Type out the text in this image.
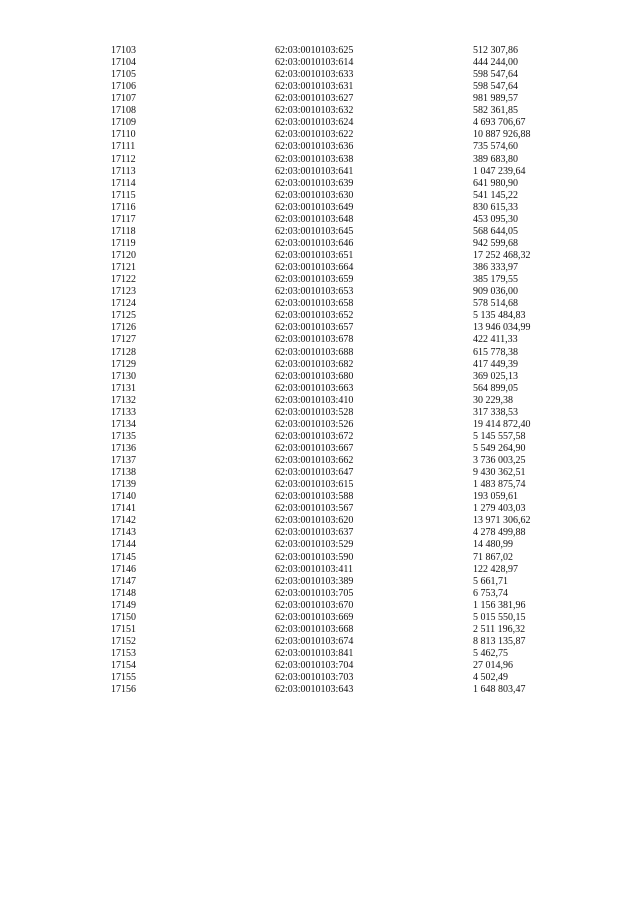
17103	62:03:0010103:625	512 307,86
17104	62:03:0010103:614	444 244,00
17105	62:03:0010103:633	598 547,64
17106	62:03:0010103:631	598 547,64
17107	62:03:0010103:627	981 989,57
17108	62:03:0010103:632	582 361,85
17109	62:03:0010103:624	4 693 706,67
17110	62:03:0010103:622	10 887 926,88
17111	62:03:0010103:636	735 574,60
17112	62:03:0010103:638	389 683,80
17113	62:03:0010103:641	1 047 239,64
17114	62:03:0010103:639	641 980,90
17115	62:03:0010103:630	541 145,22
17116	62:03:0010103:649	830 615,33
17117	62:03:0010103:648	453 095,30
17118	62:03:0010103:645	568 644,05
17119	62:03:0010103:646	942 599,68
17120	62:03:0010103:651	17 252 468,32
17121	62:03:0010103:664	386 333,97
17122	62:03:0010103:659	385 179,55
17123	62:03:0010103:653	909 036,00
17124	62:03:0010103:658	578 514,68
17125	62:03:0010103:652	5 135 484,83
17126	62:03:0010103:657	13 946 034,99
17127	62:03:0010103:678	422 411,33
17128	62:03:0010103:688	615 778,38
17129	62:03:0010103:682	417 449,39
17130	62:03:0010103:680	369 025,13
17131	62:03:0010103:663	564 899,05
17132	62:03:0010103:410	30 229,38
17133	62:03:0010103:528	317 338,53
17134	62:03:0010103:526	19 414 872,40
17135	62:03:0010103:672	5 145 557,58
17136	62:03:0010103:667	5 549 264,90
17137	62:03:0010103:662	3 736 003,25
17138	62:03:0010103:647	9 430 362,51
17139	62:03:0010103:615	1 483 875,74
17140	62:03:0010103:588	193 059,61
17141	62:03:0010103:567	1 279 403,03
17142	62:03:0010103:620	13 971 306,62
17143	62:03:0010103:637	4 278 499,88
17144	62:03:0010103:529	14 480,99
17145	62:03:0010103:590	71 867,02
17146	62:03:0010103:411	122 428,97
17147	62:03:0010103:389	5 661,71
17148	62:03:0010103:705	6 753,74
17149	62:03:0010103:670	1 156 381,96
17150	62:03:0010103:669	5 015 550,15
17151	62:03:0010103:668	2 511 196,32
17152	62:03:0010103:674	8 813 135,87
17153	62:03:0010103:841	5 462,75
17154	62:03:0010103:704	27 014,96
17155	62:03:0010103:703	4 502,49
17156	62:03:0010103:643	1 648 803,47
